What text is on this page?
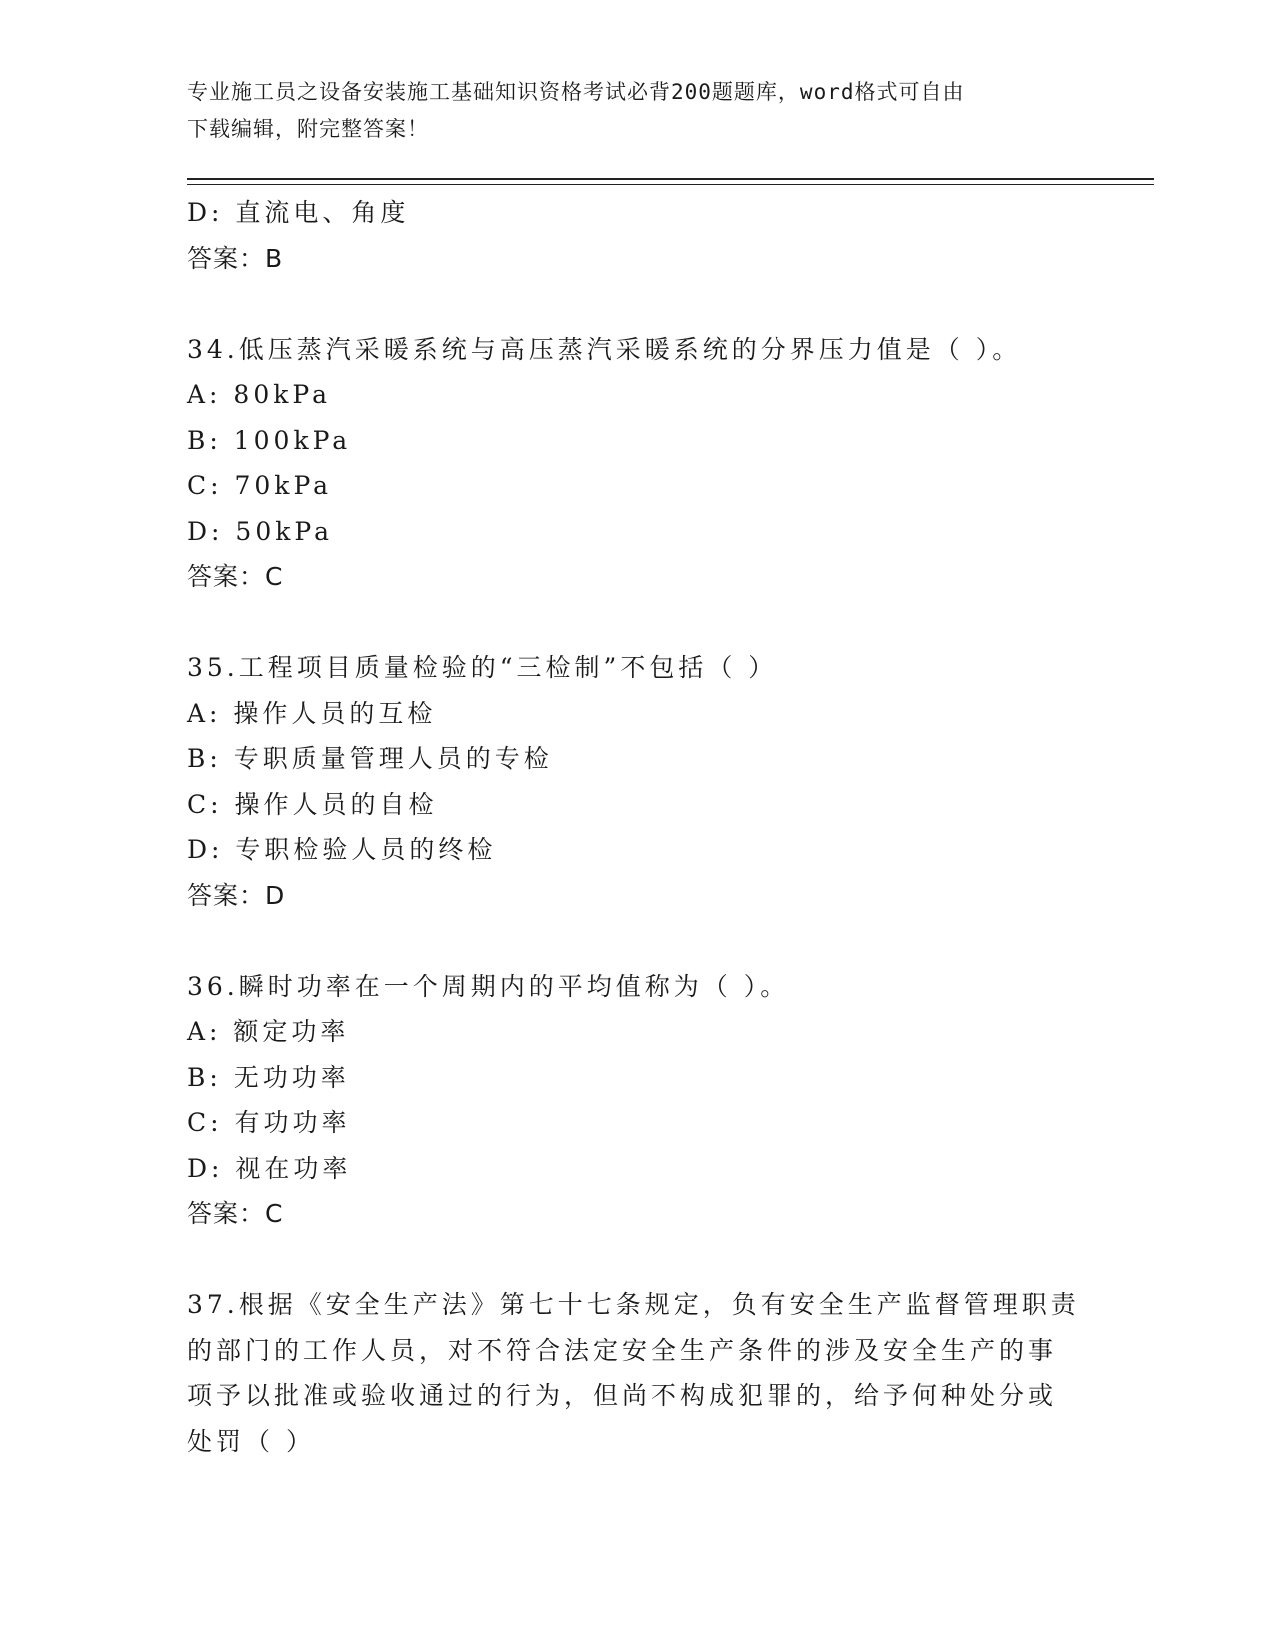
专业施工员之设备安装施工基础知识资格考试必背200题题库，word格式可自由
下载编辑，附完整答案！
D: 直流电、角度
答案：B
34.低压蒸汽采暖系统与高压蒸汽采暖系统的分界压力值是（ ）。
A: 80kPa
B: 100kPa
C: 70kPa
D: 50kPa
答案：C
35.工程项目质量检验的“三检制”不包括（ ）
A: 操作人员的互检
B: 专职质量管理人员的专检
C: 操作人员的自检
D: 专职检验人员的终检
答案：D
36.瞬时功率在一个周期内的平均值称为（ ）。
A: 额定功率
B: 无功功率
C: 有功功率
D: 视在功率
答案：C
37.根据《安全生产法》第七十七条规定，负有安全生产监督管理职责
的部门的工作人员，对不符合法定安全生产条件的涉及安全生产的事
项予以批准或验收通过的行为，但尚不构成犯罪的，给予何种处分或
处罚（ ）
